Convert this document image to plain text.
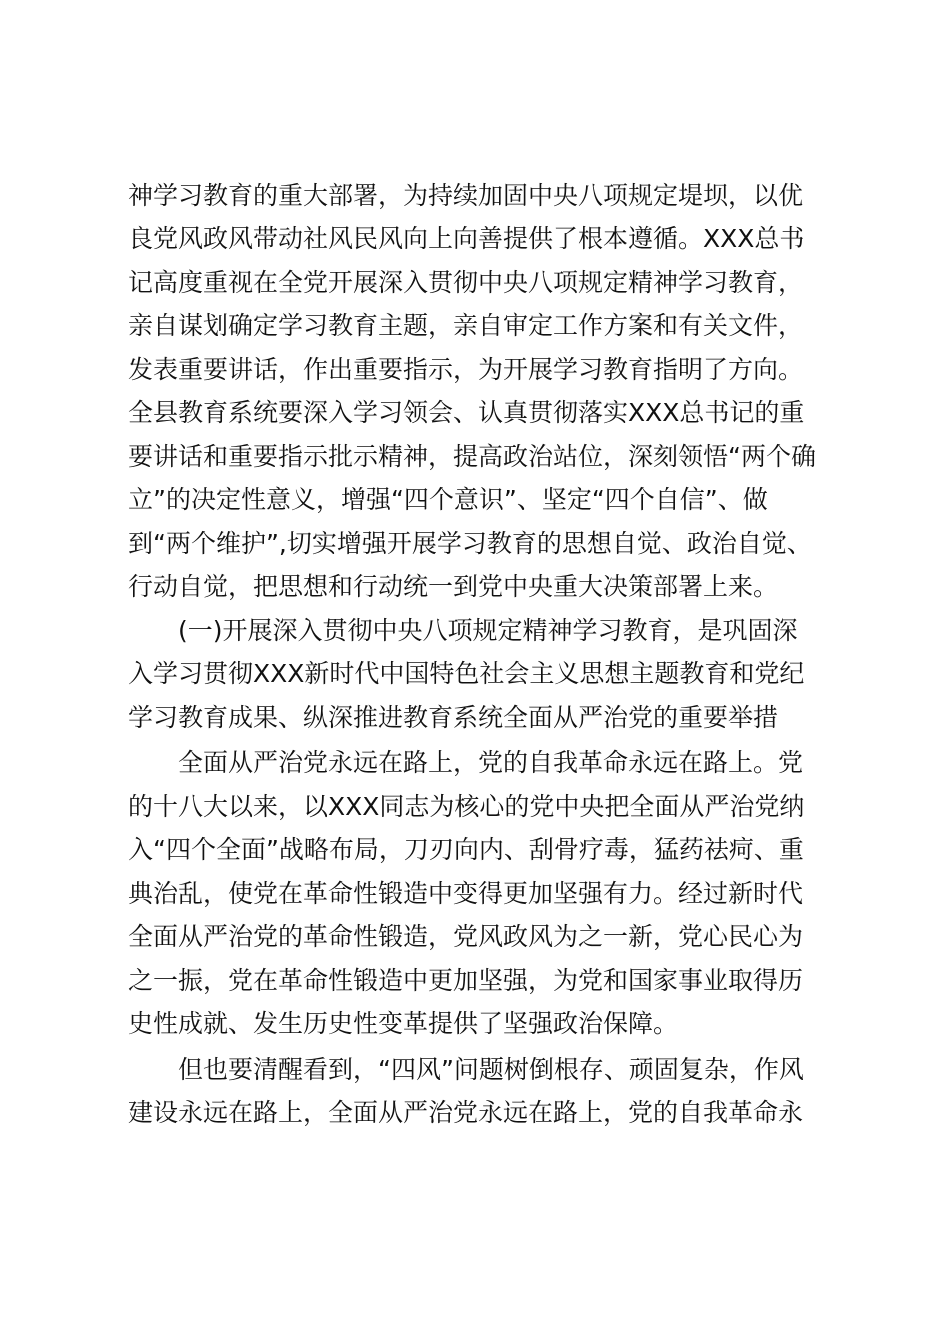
神学习教育的重大部署，为持续加固中央八项规定堤坝，以优

良党风政风带动社风民风向上向善提供了根本遵循。XXX总书

记高度重视在全党开展深入贯彻中央八项规定精神学习教育，

亲自谋划确定学习教育主题，亲自审定工作方案和有关文件，

发表重要讲话，作出重要指示，为开展学习教育指明了方向。

全县教育系统要深入学习领会、认真贯彻落实XXX总书记的重

要讲话和重要指示批示精神，提高政治站位，深刻领悟“两个确

立”的决定性意义，增强“四个意识”、坚定“四个自信”、做

到“两个维护”,切实增强开展学习教育的思想自觉、政治自觉、

行动自觉，把思想和行动统一到党中央重大决策部署上来。

(一)开展深入贯彻中央八项规定精神学习教育，是巩固深

入学习贯彻XXX新时代中国特色社会主义思想主题教育和党纪

学习教育成果、纵深推进教育系统全面从严治党的重要举措

全面从严治党永远在路上，党的自我革命永远在路上。党

的十八大以来，以XXX同志为核心的党中央把全面从严治党纳

入“四个全面”战略布局，刀刃向内、刮骨疗毒，猛药祛疴、重

典治乱，使党在革命性锻造中变得更加坚强有力。经过新时代

全面从严治党的革命性锻造，党风政风为之一新，党心民心为

之一振，党在革命性锻造中更加坚强，为党和国家事业取得历

史性成就、发生历史性变革提供了坚强政治保障。

但也要清醒看到，“四风”问题树倒根存、顽固复杂，作风

建设永远在路上，全面从严治党永远在路上，党的自我革命永
